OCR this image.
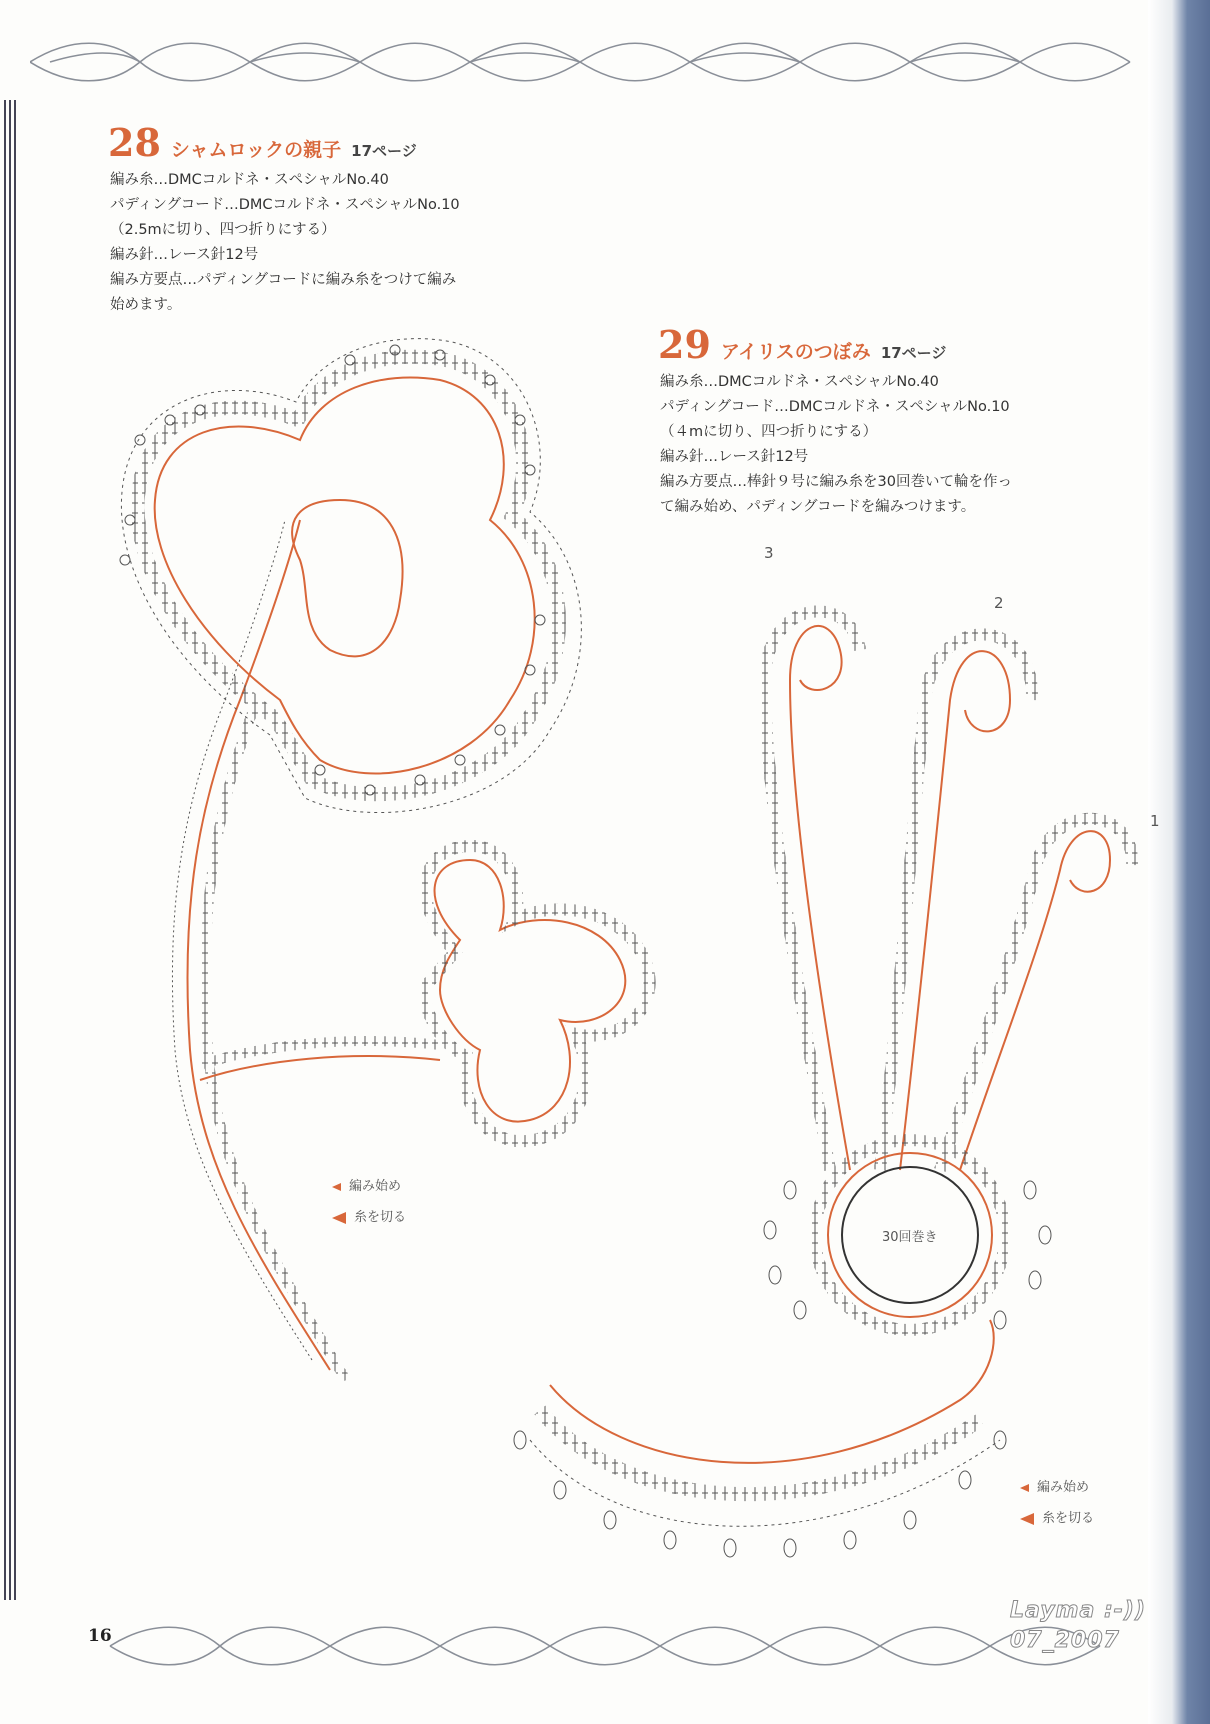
28 シャムロックの親子 17ページ
編み糸…DMCコルドネ・スペシャルNo.40
パディングコード…DMCコルドネ・スペシャルNo.10
（2.5mに切り、四つ折りにする）
編み針…レース針12号
編み方要点…パディングコードに編み糸をつけて編み
始めます。
29 アイリスのつぼみ 17ページ
編み糸…DMCコルドネ・スペシャルNo.40
パディングコード…DMCコルドネ・スペシャルNo.10
（４mに切り、四つ折りにする）
編み針…レース針12号
編み方要点…棒針９号に編み糸を30回巻いて輪を作っ
て編み始め、パディングコードを編みつけます。
3
2
1
30回巻き
編み始め
糸を切る
編み始め
糸を切る
16
Layma :-))
07_2007
